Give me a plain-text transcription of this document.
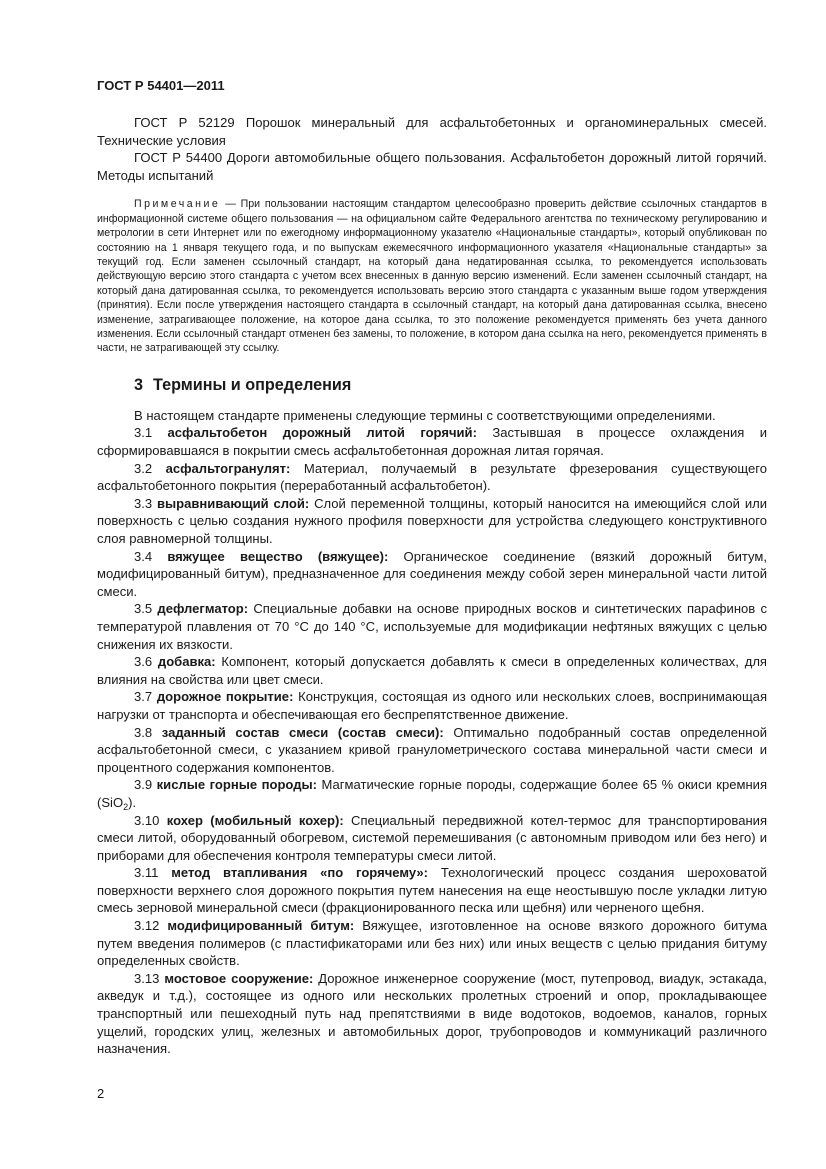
ГОСТ Р 54401—2011

ГОСТ Р 52129 Порошок минеральный для асфальтобетонных и органоминеральных смесей. Технические условия

ГОСТ Р 54400 Дороги автомобильные общего пользования. Асфальтобетон дорожный литой горячий. Методы испытаний

Примечание — При пользовании настоящим стандартом целесообразно проверить действие ссылочных стандартов в информационной системе общего пользования — на официальном сайте Федерального агентства по техническому регулированию и метрологии в сети Интернет или по ежегодному информационному указателю «Национальные стандарты», который опубликован по состоянию на 1 января текущего года, и по выпускам ежемесячного информационного указателя «Национальные стандарты» за текущий год. Если заменен ссылочный стандарт, на который дана недатированная ссылка, то рекомендуется использовать действующую версию этого стандарта с учетом всех внесенных в данную версию изменений. Если заменен ссылочный стандарт, на который дана датированная ссылка, то рекомендуется использовать версию этого стандарта с указанным выше годом утверждения (принятия). Если после утверждения настоящего стандарта в ссылочный стандарт, на который дана датированная ссылка, внесено изменение, затрагивающее положение, на которое дана ссылка, то это положение рекомендуется применять без учета данного изменения. Если ссылочный стандарт отменен без замены, то положение, в котором дана ссылка на него, рекомендуется применять в части, не затрагивающей эту ссылку.

3 Термины и определения

В настоящем стандарте применены следующие термины с соответствующими определениями.

3.1 асфальтобетон дорожный литой горячий: Застывшая в процессе охлаждения и сформировавшаяся в покрытии смесь асфальтобетонная дорожная литая горячая.

3.2 асфальтогранулят: Материал, получаемый в результате фрезерования существующего асфальтобетонного покрытия (переработанный асфальтобетон).

3.3 выравнивающий слой: Слой переменной толщины, который наносится на имеющийся слой или поверхность с целью создания нужного профиля поверхности для устройства следующего конструктивного слоя равномерной толщины.

3.4 вяжущее вещество (вяжущее): Органическое соединение (вязкий дорожный битум, модифицированный битум), предназначенное для соединения между собой зерен минеральной части литой смеси.

3.5 дефлегматор: Специальные добавки на основе природных восков и синтетических парафинов с температурой плавления от 70 °С до 140 °С, используемые для модификации нефтяных вяжущих с целью снижения их вязкости.

3.6 добавка: Компонент, который допускается добавлять к смеси в определенных количествах, для влияния на свойства или цвет смеси.

3.7 дорожное покрытие: Конструкция, состоящая из одного или нескольких слоев, воспринимающая нагрузки от транспорта и обеспечивающая его беспрепятственное движение.

3.8 заданный состав смеси (состав смеси): Оптимально подобранный состав определенной асфальтобетонной смеси, с указанием кривой гранулометрического состава минеральной части смеси и процентного содержания компонентов.

3.9 кислые горные породы: Магматические горные породы, содержащие более 65 % окиси кремния (SiO$_2$).

3.10 кохер (мобильный кохер): Специальный передвижной котел-термос для транспортирования смеси литой, оборудованный обогревом, системой перемешивания (с автономным приводом или без него) и приборами для обеспечения контроля температуры смеси литой.

3.11 метод втапливания «по горячему»: Технологический процесс создания шероховатой поверхности верхнего слоя дорожного покрытия путем нанесения на еще неостывшую после укладки литую смесь зерновой минеральной смеси (фракционированного песка или щебня) или черненого щебня.

3.12 модифицированный битум: Вяжущее, изготовленное на основе вязкого дорожного битума путем введения полимеров (с пластификаторами или без них) или иных веществ с целью придания битуму определенных свойств.

3.13 мостовое сооружение: Дорожное инженерное сооружение (мост, путепровод, виадук, эстакада, акведук и т.д.), состоящее из одного или нескольких пролетных строений и опор, прокладывающее транспортный или пешеходный путь над препятствиями в виде водотоков, водоемов, каналов, горных ущелий, городских улиц, железных и автомобильных дорог, трубопроводов и коммуникаций различного назначения.

2
